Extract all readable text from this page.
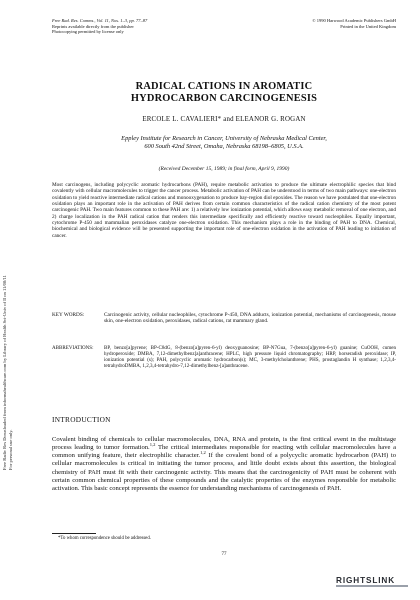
Free Radic Res Downloaded from informahealthcare.com by Library of Health Sci-Univ of Il on 11/08/11 For personal use only.
Free Rad. Res. Comms., Vol. 11, Nos. 1–3, pp. 77–87
Reprints available directly from the publisher
Photocopying permitted by license only
© 1990 Harwood Academic Publishers GmbH
Printed in the United Kingdom
RADICAL CATIONS IN AROMATIC
HYDROCARBON CARCINOGENESIS
ERCOLE L. CAVALIERI* and ELEANOR G. ROGAN
Eppley Institute for Research in Cancer, University of Nebraska Medical Center,
600 South 42nd Street, Omaha, Nebraska 68198–6805, U.S.A.
(Received December 15, 1989; in final form, April 9, 1990)
Most carcinogens, including polycyclic aromatic hydrocarbons (PAH), require metabolic activation to produce the ultimate electrophilic species that bind covalently with cellular macromolecules to trigger the cancer process. Metabolic activation of PAH can be understood in terms of two main pathways: one-electron oxidation to yield reactive intermediate radical cations and monooxygenation to produce bay-region diol epoxides. The reason we have postulated that one-electron oxidation plays an important role in the activation of PAH derives from certain common characteristics of the radical cation chemistry of the most potent carcinogenic PAH. Two main features common to these PAH are: 1) a relatively low ionization potential, which allows easy metabolic removal of one electron, and 2) charge localization in the PAH radical cation that renders this intermediate specifically and efficiently reactive toward nucleophiles. Equally important, cytochrome P-450 and mammalian peroxidases catalyze one-electron oxidation. This mechanism plays a role in the binding of PAH to DNA. Chemical, biochemical and biological evidence will be presented supporting the important role of one-electron oxidation in the activation of PAH leading to initiation of cancer.
KEY WORDS:	Carcinogenic activity, cellular nucleophiles, cytochrome P-450, DNA adducts, ionization potential, mechanisms of carcinogenesis, mouse skin, one-electron oxidation, peroxidases, radical cations, rat mammary gland.
ABBREVIATIONS:	BP, benzo[a]pyrene; BP-C8dG, 8-(benzo[a]pyren-6-yl) deoxyguanosine; BP-N7Gua, 7-(benzo[a]pyren-6-yl) guanine; CuOOH, cumen hydroperoxide; DMBA, 7,12-dimethylbenz[a]anthracene; HPLC, high pressure liquid chromatography; HRP, horseradish peroxidase; IP, ionization potential (s); PAH, polycyclic aromatic hydrocarbon(s); MC, 3-methylcholanthrene; PHS, prostaglandin H synthase; 1,2,3,4-tetrahydroDMBA, 1,2,3,4-tetrahydro-7,12-dimethylbenz-[a]anthracene.
INTRODUCTION
Covalent binding of chemicals to cellular macromolecules, DNA, RNA and protein, is the first critical event in the multistage process leading to tumor formation.$^{1,2}$ The critical intermediates responsible for reacting with cellular macromolecules have a common unifying feature, their electrophilic character.$^{1,2}$ If the covalent bond of a polycyclic aromatic hydrocarbon (PAH) to cellular macromolecules is critical in initiating the tumor process, and little doubt exists about this assertion, the biological chemistry of PAH must fit with their carcinogenic activity. This means that the carcinogenicity of PAH must be coherent with certain common chemical properties of these compounds and the catalytic properties of the enzymes responsible for metabolic activation. This basic concept represents the essence for understanding mechanisms of carcinogenesis of PAH.
*To whom correspondence should be addressed.
77
RIGHTSLINK
